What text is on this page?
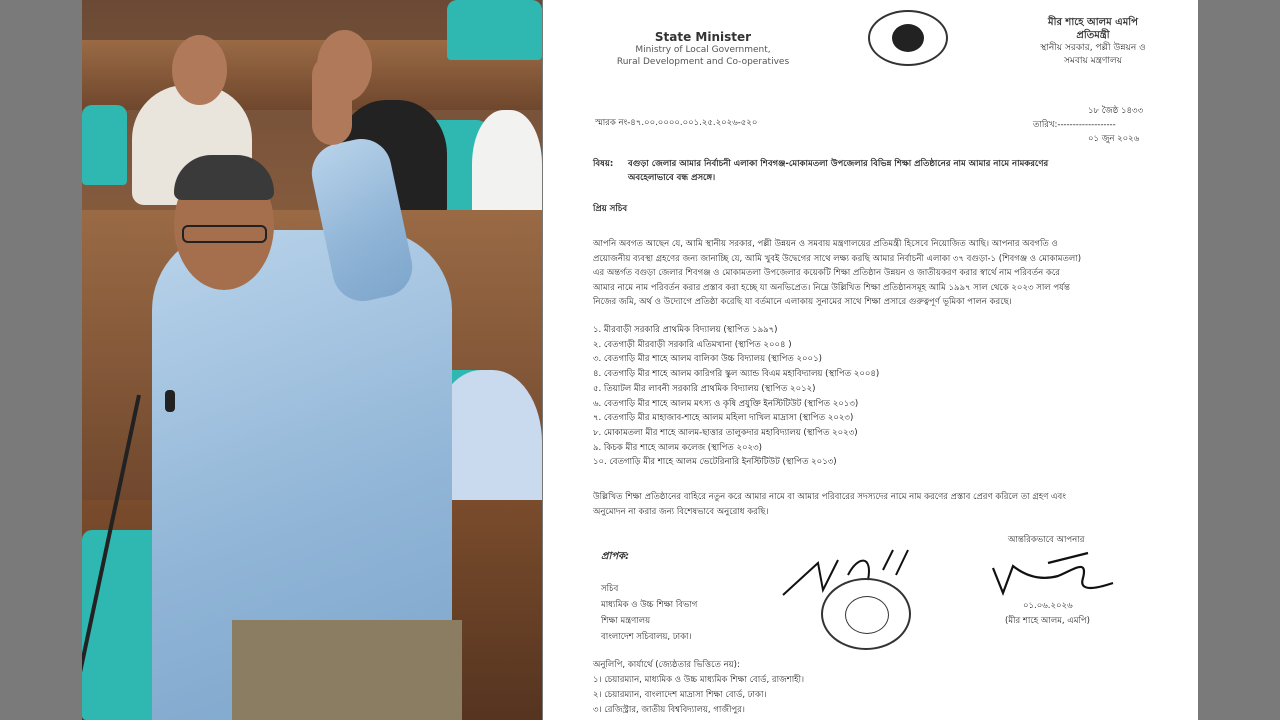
State Minister
Ministry of Local Government,
Rural Development and Co-operatives
মীর শাহে আলম এমপি
প্রতিমন্ত্রী
স্থানীয় সরকার, পল্লী উন্নয়ন ও
সমবায় মন্ত্রণালয়
স্মারক নং-৪৭.০০.০০০০.০০১.২৫.২০২৬-৫২০
১৮ জৈষ্ঠ ১৪৩৩
তারিখ:-------------------
০১ জুন ২০২৬
বিষয়: বগুড়া জেলার আমার নির্বাচনী এলাকা শিবগঞ্জ-মোকামতলা উপজেলার বিভিন্ন শিক্ষা প্রতিষ্ঠানের নাম আমার নামে নামকরণের
অবহেলাভাবে বন্ধ প্রসঙ্গে।
প্রিয় সচিব
আপনি অবগত আছেন যে, আমি স্থানীয় সরকার, পল্লী উন্নয়ন ও সমবায় মন্ত্রণালয়ের প্রতিমন্ত্রী হিসেবে নিয়োজিত আছি। আপনার অবগতি ও
প্রয়োজনীয় ব্যবস্থা গ্রহণের জন্য জানাচ্ছি যে, আমি খুবই উদ্বেগের সাথে লক্ষ্য করছি আমার নির্বাচনী এলাকা ৩৭ বগুড়া-১ (শিবগঞ্জ ও মোকামতলা)
এর অন্তর্গত বগুড়া জেলার শিবগঞ্জ ও মোকামতলা উপজেলার কয়েকটি শিক্ষা প্রতিষ্ঠান উন্নয়ন ও জাতীয়করণ করার স্বার্থে নাম পরিবর্তন করে
আমার নামে নাম পরিবর্তন করার প্রস্তাব করা হচ্ছে যা অনভিপ্রেত। নিম্নে উল্লিখিত শিক্ষা প্রতিষ্ঠানসমূহ আমি ১৯৯৭ সাল থেকে ২০২৩ সাল পর্যন্ত
নিজের জমি, অর্থ ও উদ্যোগে প্রতিষ্ঠা করেছি যা বর্তমানে এলাকায় সুনামের সাথে শিক্ষা প্রসারে গুরুত্বপূর্ণ ভূমিকা পালন করছে।
১. মীরবাড়ী সরকারি প্রাথমিক বিদ্যালয় (স্থাপিত ১৯৯৭)
২. বেতগাড়ী মীরবাড়ী সরকারি এতিমখানা (স্থাপিত ২০০৪ )
৩. বেতগাড়ি মীর শাহে আলম বালিকা উচ্চ বিদ্যালয় (স্থাপিত ২০০১)
৪. বেতগাড়ি মীর শাহে আলম কারিগরি স্কুল অ্যান্ড বিএম মহাবিদ্যালয় (স্থাপিত ২০০৪)
৫. তিয়াটল মীর লাবনী সরকারি প্রাথমিক বিদ্যালয় (স্থাপিত ২০১২)
৬. বেতগাড়ি মীর শাহে আলম মৎস্য ও কৃষি প্রযুক্তি ইনস্টিটিউট (স্থাপিত ২০১৩)
৭. বেতগাড়ি মীর মাহাজাব-শাহে আলম মহিলা দাখিল মাদ্রাসা (স্থাপিত ২০২৩)
৮. মোকামতলা মীর শাহে আলম-ছাত্তার তালুকদার মহাবিদ্যালয় (স্থাপিত ২০২৩)
৯. কিচক মীর শাহে আলম কলেজ (স্থাপিত ২০২৩)
১০. বেতগাড়ি মীর শাহে আলম ভেটেরিনারি ইনস্টিটিউট (স্থাপিত ২০১৩)
উল্লিখিত শিক্ষা প্রতিষ্ঠানের বাহিরে নতুন করে আমার নামে বা আমার পরিবারের সদস্যদের নামে নাম করণের প্রস্তাব প্রেরণ করিলে তা গ্রহণ এবং
অনুমোদন না করার জন্য বিশেষভাবে অনুরোধ করছি।
আন্তরিকভাবে আপনার
প্রাপক:
০১.০৬.২০২৬
(মীর শাহে আলম, এমপি)
সচিব
মাধ্যমিক ও উচ্চ শিক্ষা বিভাগ
শিক্ষা মন্ত্রণালয়
বাংলাদেশ সচিবালয়, ঢাকা।
অনুলিপি, কার্যার্থে (জ্যেষ্ঠতার ভিত্তিতে নয়):
১। চেয়ারম্যান, মাধ্যমিক ও উচ্চ মাধ্যমিক শিক্ষা বোর্ড, রাজশাহী।
২। চেয়ারম্যান, বাংলাদেশ মাদ্রাসা শিক্ষা বোর্ড, ঢাকা।
৩। রেজিস্ট্রার, জাতীয় বিশ্ববিদ্যালয়, গাজীপুর।
